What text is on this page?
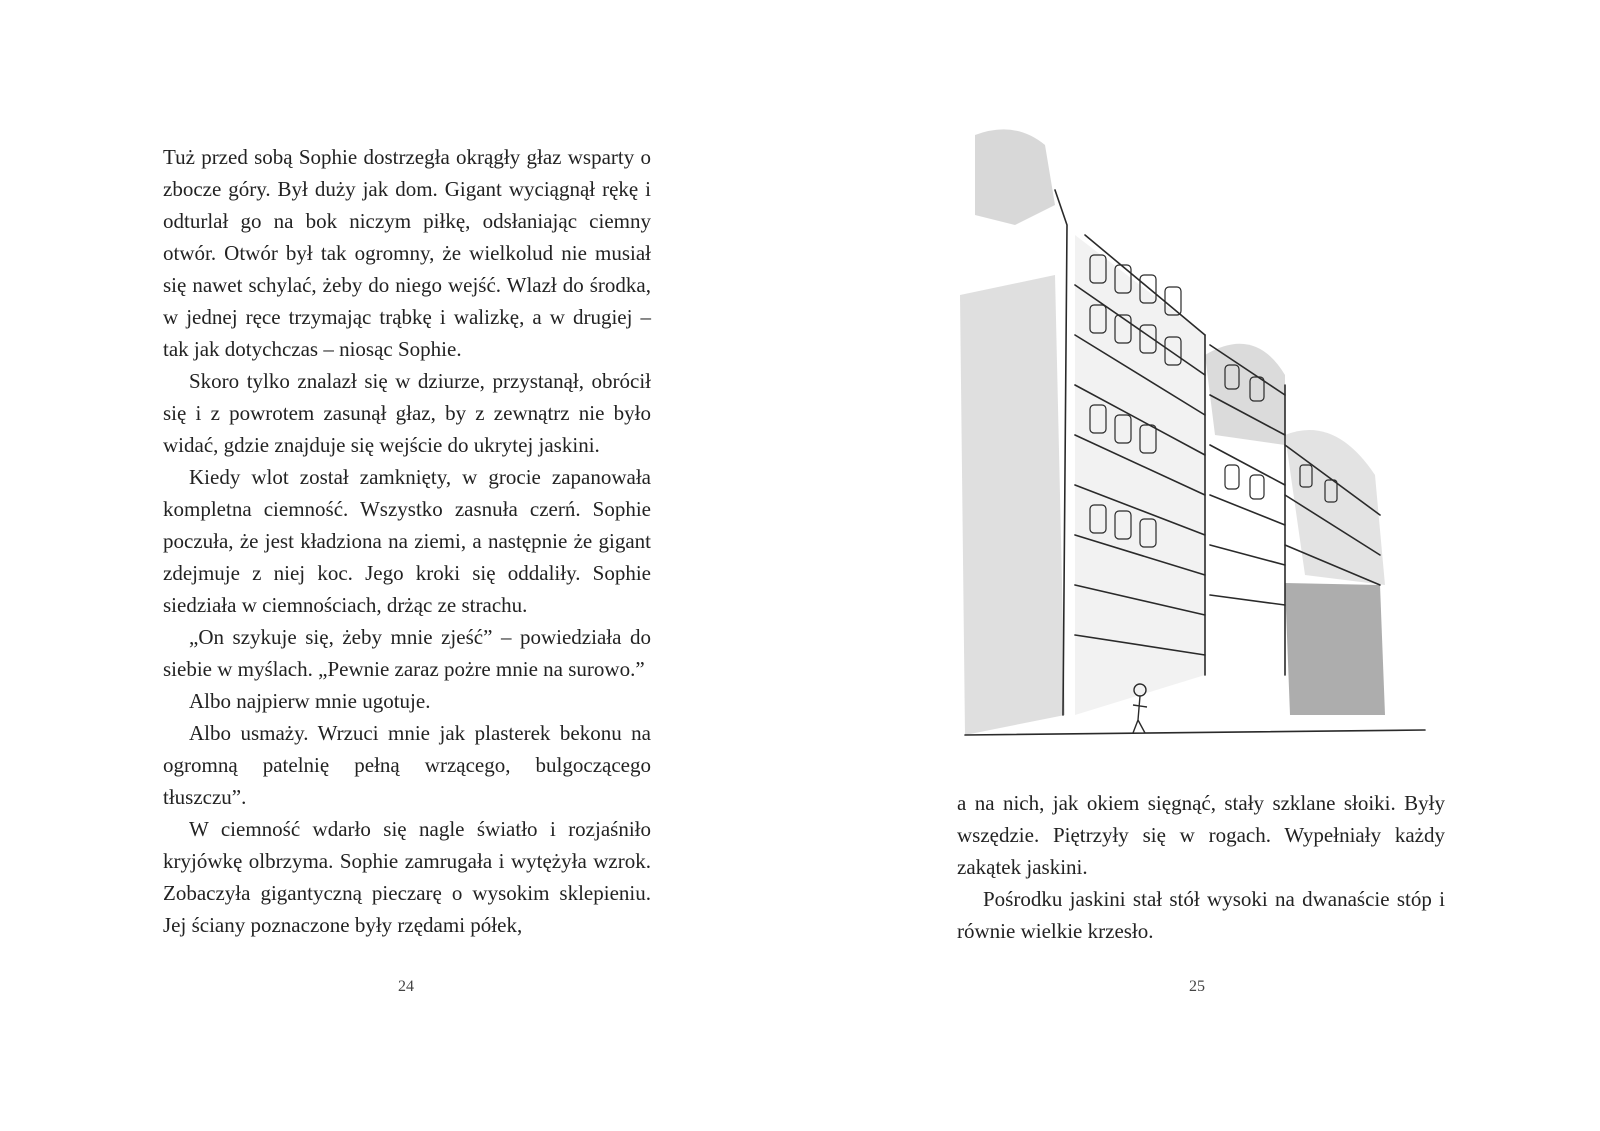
Tuż przed sobą Sophie dostrzegła okrągły głaz wsparty o zbocze góry. Był duży jak dom. Gigant wyciągnął rękę i odturlał go na bok niczym piłkę, odsłaniając ciemny otwór. Otwór był tak ogromny, że wielkolud nie musiał się nawet schylać, żeby do niego wejść. Wlazł do środka, w jednej ręce trzymając trąbkę i walizkę, a w drugiej – tak jak dotychczas – niosąc Sophie.

Skoro tylko znalazł się w dziurze, przystanął, obrócił się i z powrotem zasunął głaz, by z zewnątrz nie było widać, gdzie znajduje się wejście do ukrytej jaskini.

Kiedy wlot został zamknięty, w grocie zapanowała kompletna ciemność. Wszystko zasnuła czerń. Sophie poczuła, że jest kładziona na ziemi, a następnie że gigant zdejmuje z niej koc. Jego kroki się oddaliły. Sophie siedziała w ciemnościach, drżąc ze strachu.

„On szykuje się, żeby mnie zjeść” – powiedziała do siebie w myślach. „Pewnie zaraz pożre mnie na surowo.”

Albo najpierw mnie ugotuje.

Albo usmaży. Wrzuci mnie jak plasterek bekonu na ogromną patelnię pełną wrzącego, bulgoczącego tłuszczu”.

W ciemność wdarło się nagle światło i rozjaśniło kryjówkę olbrzyma. Sophie zamrugała i wytężyła wzrok. Zobaczyła gigantyczną pieczarę o wysokim sklepieniu. Jej ściany poznaczone były rzędami półek,

24

a na nich, jak okiem sięgnąć, stały szklane słoiki. Były wszędzie. Piętrzyły się w rogach. Wypełniały każdy zakątek jaskini.

Pośrodku jaskini stał stół wysoki na dwanaście stóp i równie wielkie krzesło.

25
